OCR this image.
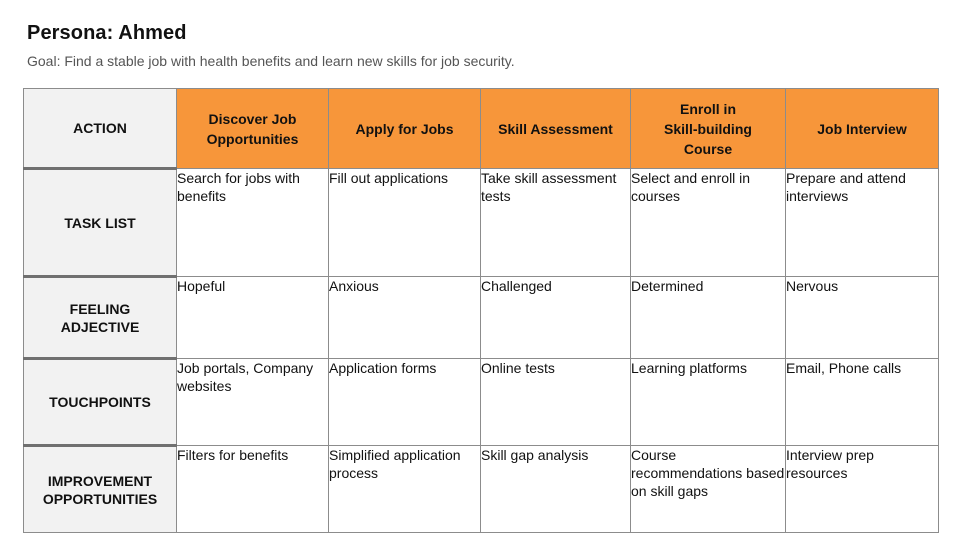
Persona: Ahmed
Goal: Find a stable job with health benefits and learn new skills for job security.
ACTION	Discover Job Opportunities	Apply for Jobs	Skill Assessment	Enroll in Skill-building Course	Job Interview
TASK LIST	Search for jobs with benefits	Fill out applications	Take skill assessment tests	Select and enroll in courses	Prepare and attend interviews
FEELING ADJECTIVE	Hopeful	Anxious	Challenged	Determined	Nervous
TOUCHPOINTS	Job portals, Company websites	Application forms	Online tests	Learning platforms	Email, Phone calls
IMPROVEMENT OPPORTUNITIES	Filters for benefits	Simplified application process	Skill gap analysis	Course recommendations based on skill gaps	Interview prep resources
